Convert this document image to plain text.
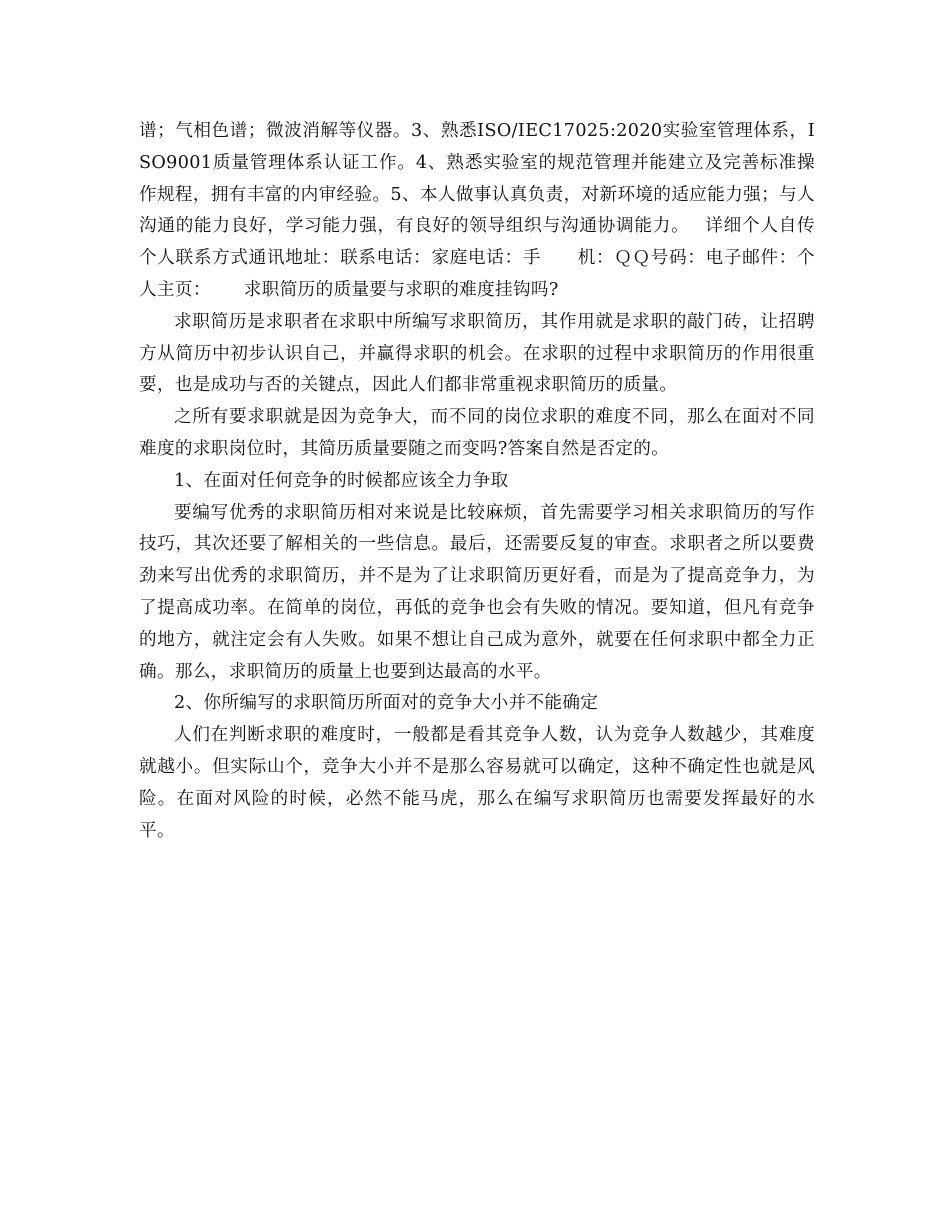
谱；气相色谱；微波消解等仪器。3、熟悉ISO/IEC17025:2020实验室管理体系，ISO9001质量管理体系认证工作。4、熟悉实验室的规范管理并能建立及完善标准操作规程，拥有丰富的内审经验。5、本人做事认真负责，对新环境的适应能力强；与人沟通的能力良好，学习能力强，有良好的领导组织与沟通协调能力。　 详细个人自传　个人联系方式通讯地址：联系电话：家庭电话：手　　机：ＱＱ号码：电子邮件：个人主页：　　 求职简历的质量要与求职的难度挂钩吗?

求职简历是求职者在求职中所编写求职简历，其作用就是求职的敲门砖，让招聘方从简历中初步认识自己，并赢得求职的机会。在求职的过程中求职简历的作用很重要，也是成功与否的关键点，因此人们都非常重视求职简历的质量。

之所有要求职就是因为竞争大，而不同的岗位求职的难度不同，那么在面对不同难度的求职岗位时，其简历质量要随之而变吗?答案自然是否定的。

1、在面对任何竞争的时候都应该全力争取

要编写优秀的求职简历相对来说是比较麻烦，首先需要学习相关求职简历的写作技巧，其次还要了解相关的一些信息。最后，还需要反复的审查。求职者之所以要费劲来写出优秀的求职简历，并不是为了让求职简历更好看，而是为了提高竞争力，为了提高成功率。在简单的岗位，再低的竞争也会有失败的情况。要知道，但凡有竞争的地方，就注定会有人失败。如果不想让自己成为意外，就要在任何求职中都全力正确。那么，求职简历的质量上也要到达最高的水平。

2、你所编写的求职简历所面对的竞争大小并不能确定

人们在判断求职的难度时，一般都是看其竞争人数，认为竞争人数越少，其难度就越小。但实际山个，竞争大小并不是那么容易就可以确定，这种不确定性也就是风险。在面对风险的时候，必然不能马虎，那么在编写求职简历也需要发挥最好的水平。
